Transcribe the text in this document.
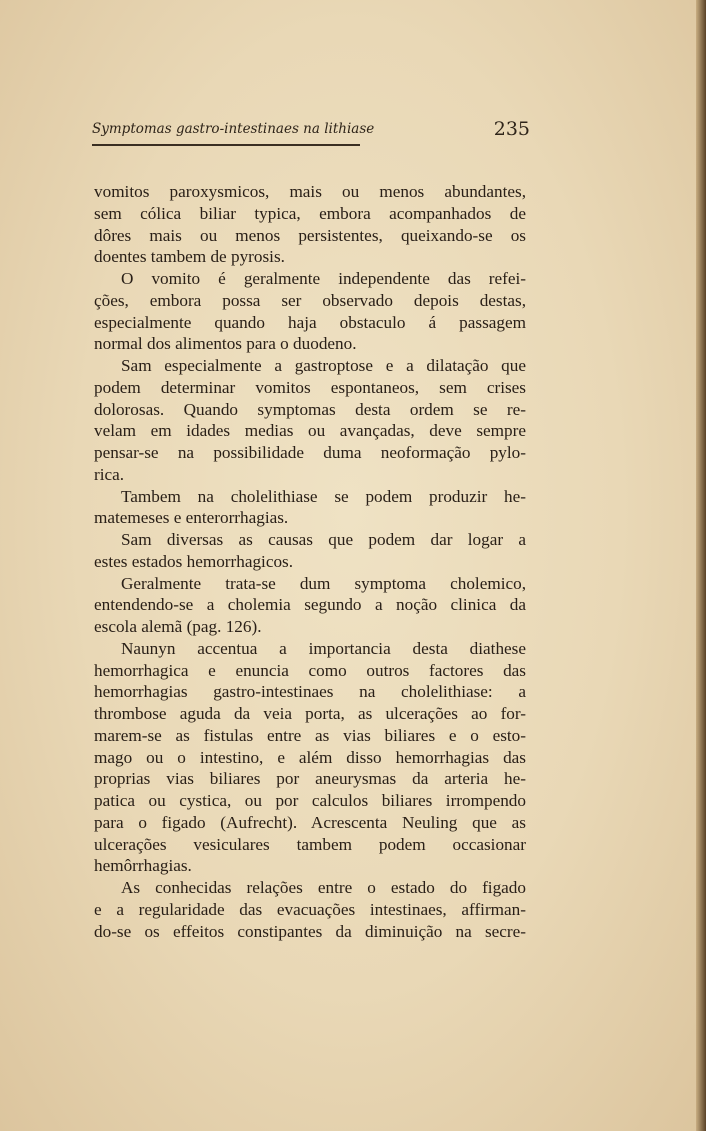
Symptomas gastro-intestinaes na lithiase	235
vomitos paroxysmicos, mais ou menos abundantes,
sem cólica biliar typica, embora acompanhados de
dôres mais ou menos persistentes, queixando-se os
doentes tambem de pyrosis.
O vomito é geralmente independente das refei-
ções, embora possa ser observado depois destas,
especialmente quando haja obstaculo á passagem
normal dos alimentos para o duodeno.
Sam especialmente a gastroptose e a dilatação que
podem determinar vomitos espontaneos, sem crises
dolorosas. Quando symptomas desta ordem se re-
velam em idades medias ou avançadas, deve sempre
pensar-se na possibilidade duma neoformação pylo-
rica.
Tambem na cholelithiase se podem produzir he-
matemeses e enterorrhagias.
Sam diversas as causas que podem dar logar a
estes estados hemorrhagicos.
Geralmente trata-se dum symptoma cholemico,
entendendo-se a cholemia segundo a noção clinica da
escola alemã (pag. 126).
Naunyn accentua a importancia desta diathese
hemorrhagica e enuncia como outros factores das
hemorrhagias gastro-intestinaes na cholelithiase: a
thrombose aguda da veia porta, as ulcerações ao for-
marem-se as fistulas entre as vias biliares e o esto-
mago ou o intestino, e além disso hemorrhagias das
proprias vias biliares por aneurysmas da arteria he-
patica ou cystica, ou por calculos biliares irrompendo
para o figado (Aufrecht). Acrescenta Neuling que as
ulcerações vesiculares tambem podem occasionar
hemôrrhagias.
As conhecidas relações entre o estado do figado
e a regularidade das evacuações intestinaes, affirman-
do-se os effeitos constipantes da diminuição na secre-
